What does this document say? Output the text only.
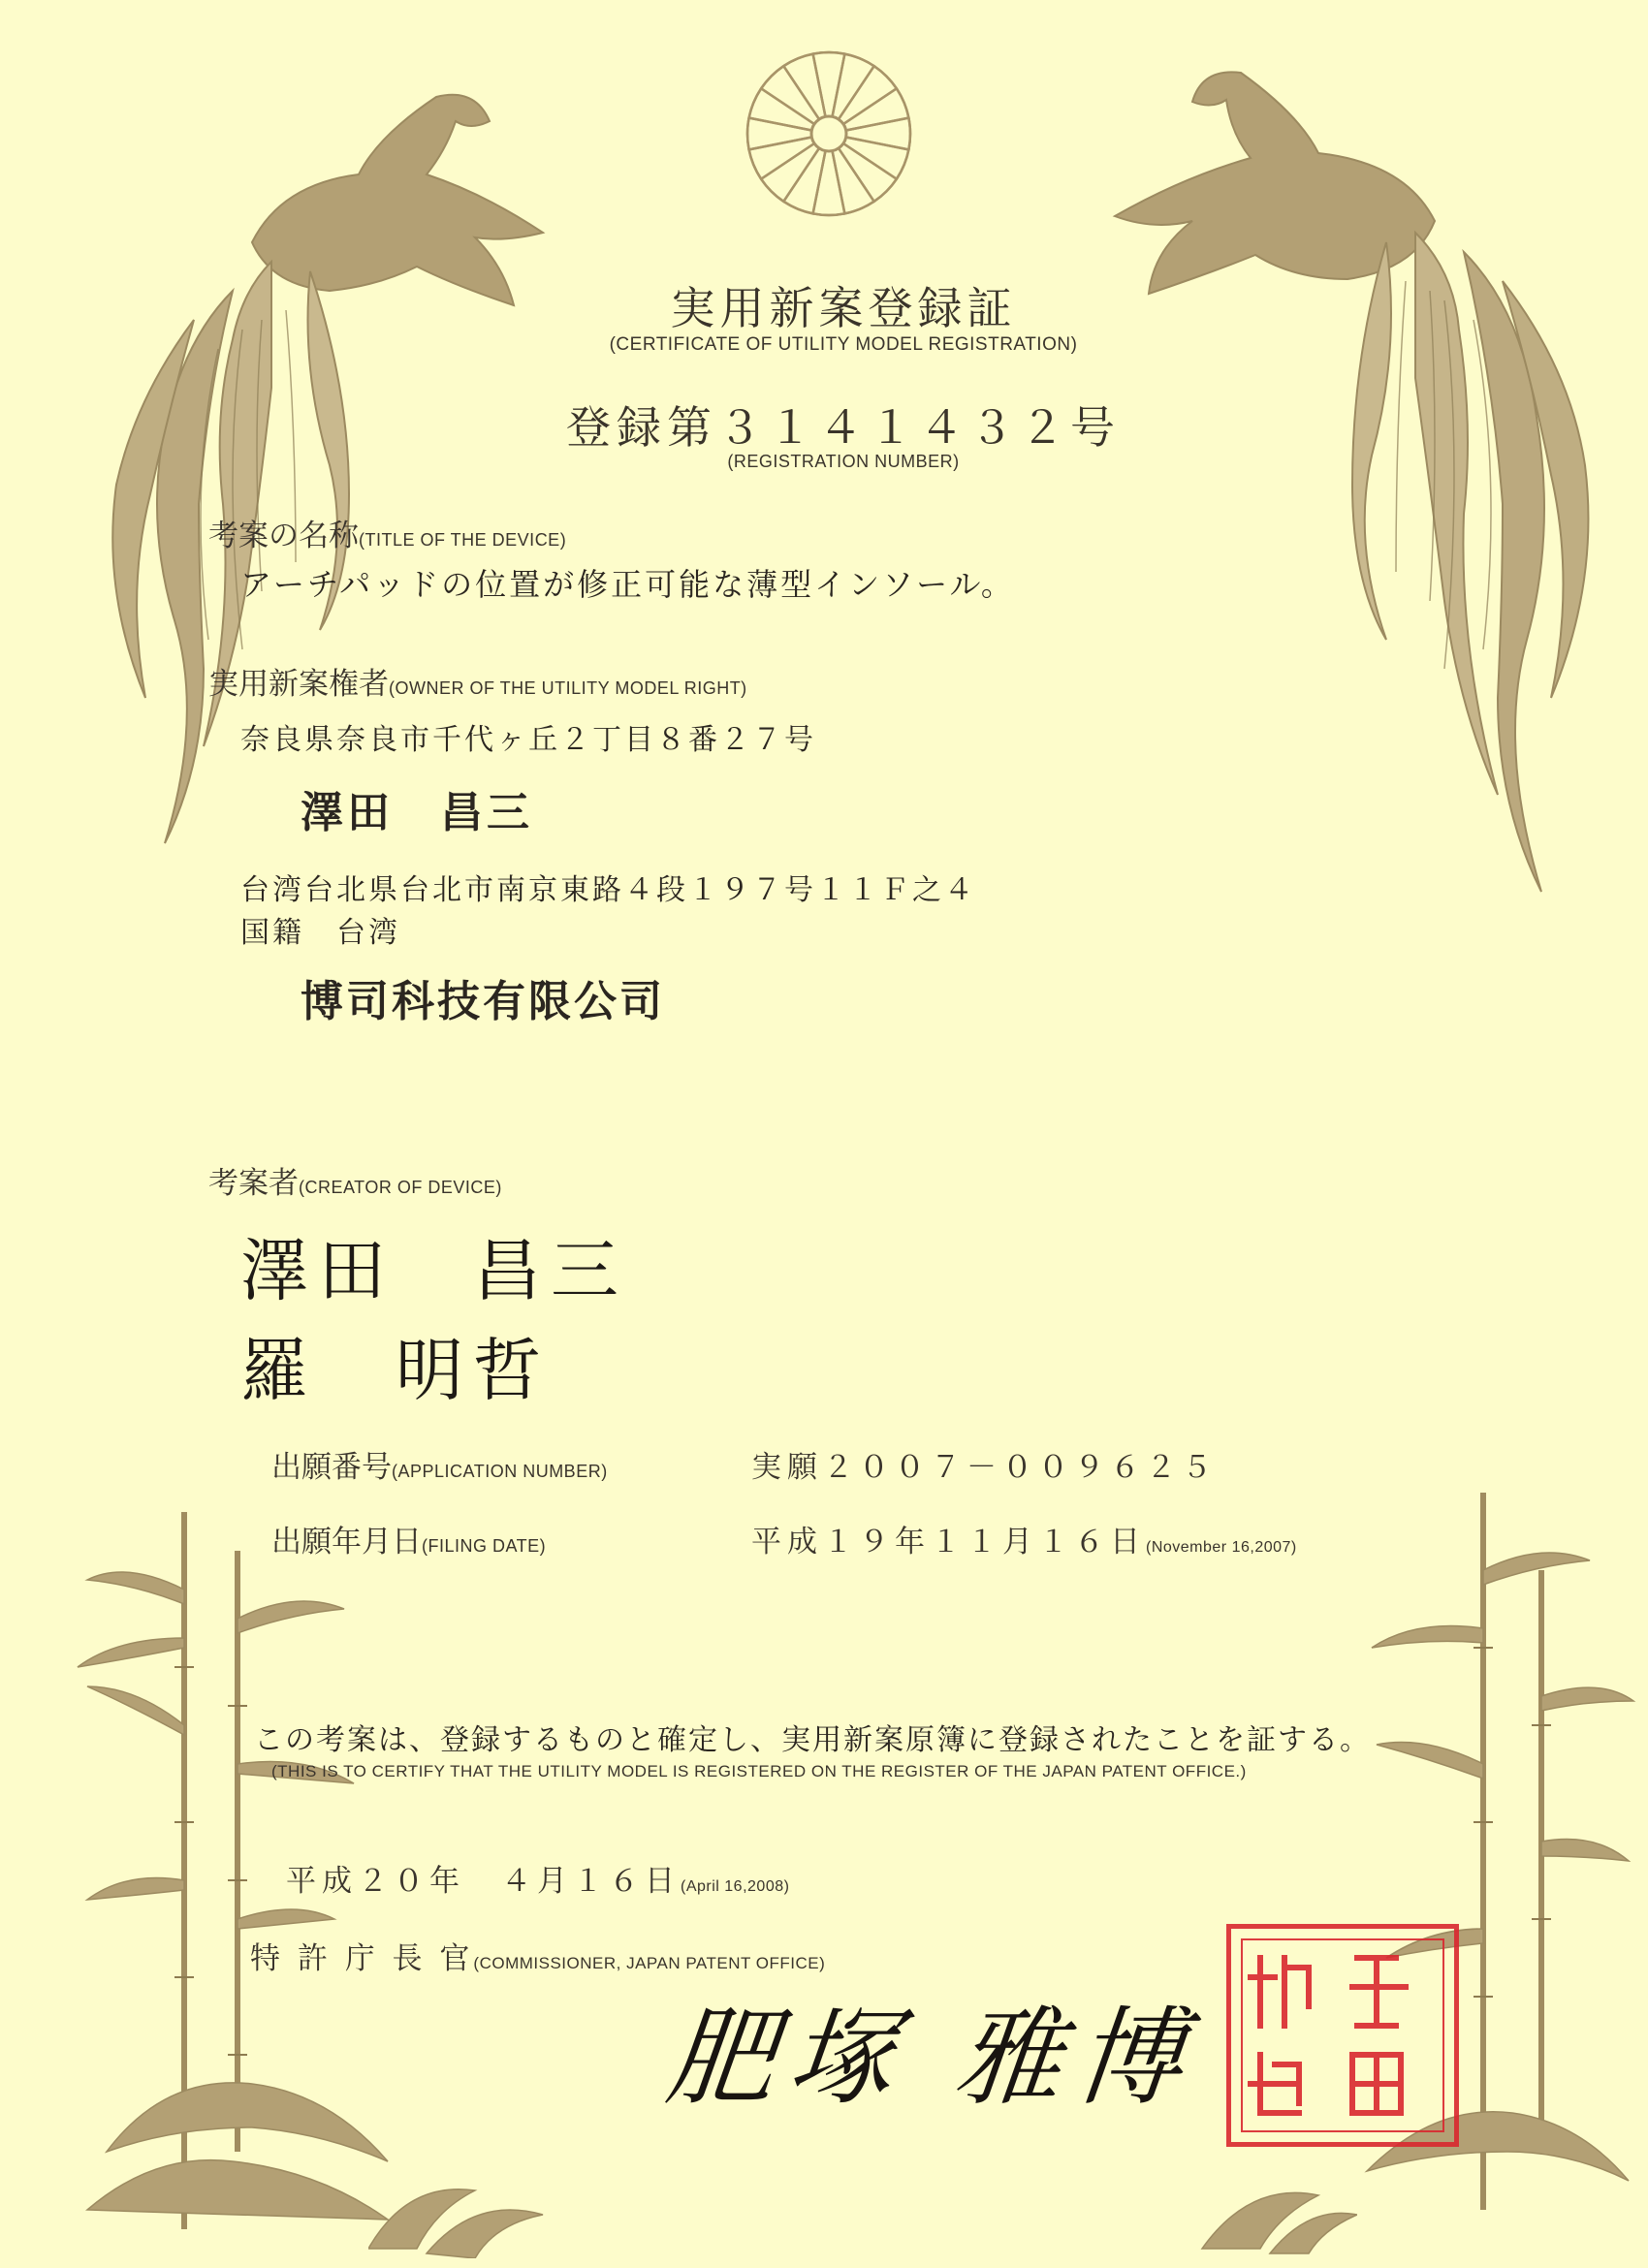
実用新案登録証
(CERTIFICATE OF UTILITY MODEL REGISTRATION)
登録第３１４１４３２号
(REGISTRATION NUMBER)
考案の名称(TITLE OF THE DEVICE)
アーチパッドの位置が修正可能な薄型インソール。
実用新案権者(OWNER OF THE UTILITY MODEL RIGHT)
奈良県奈良市千代ヶ丘２丁目８番２７号
澤田　昌三
台湾台北県台北市南京東路４段１９７号１１Ｆ之４
国籍　台湾
博司科技有限公司
考案者(CREATOR OF DEVICE)
澤田　昌三
羅　明哲
出願番号(APPLICATION NUMBER)	実願２００７－００９６２５
出願年月日(FILING DATE)	平成１９年１１月１６日(November 16,2007)
この考案は、登録するものと確定し、実用新案原簿に登録されたことを証する。
(THIS IS TO CERTIFY THAT THE UTILITY MODEL IS REGISTERED ON THE REGISTER OF THE JAPAN PATENT OFFICE.)
平成２０年　４月１６日(April 16,2008)
特 許 庁 長 官(COMMISSIONER, JAPAN PATENT OFFICE)
肥塚 雅博
